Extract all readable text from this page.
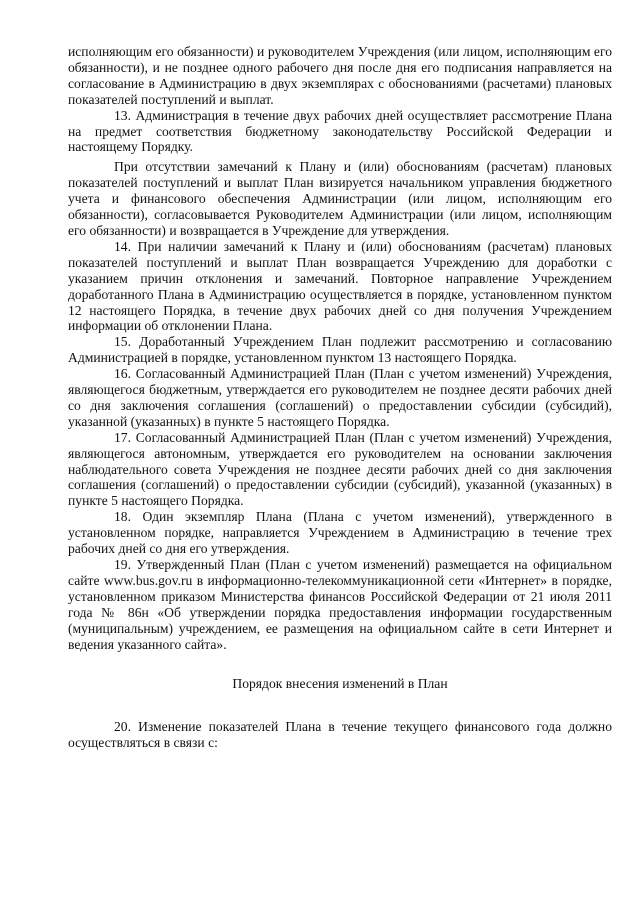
исполняющим его обязанности) и руководителем Учреждения (или лицом, исполняющим его обязанности), и не позднее одного рабочего дня после дня его подписания направляется на согласование в Администрацию в двух экземплярах с обоснованиями (расчетами) плановых показателей поступлений и выплат.

13. Администрация в течение двух рабочих дней осуществляет рассмотрение Плана на предмет соответствия бюджетному законодательству Российской Федерации и настоящему Порядку.

При отсутствии замечаний к Плану и (или) обоснованиям (расчетам) плановых показателей поступлений и выплат План визируется начальником управления бюджетного учета и финансового обеспечения Администрации (или лицом, исполняющим его обязанности), согласовывается Руководителем Администрации (или лицом, исполняющим его обязанности) и возвращается в Учреждение для утверждения.

14. При наличии замечаний к Плану и (или) обоснованиям (расчетам) плановых показателей поступлений и выплат План возвращается Учреждению для доработки с указанием причин отклонения и замечаний. Повторное направление Учреждением доработанного Плана в Администрацию осуществляется в порядке, установленном пунктом 12 настоящего Порядка, в течение двух рабочих дней со дня получения Учреждением информации об отклонении Плана.

15. Доработанный Учреждением План подлежит рассмотрению и согласованию Администрацией в порядке, установленном пунктом 13 настоящего Порядка.

16. Согласованный Администрацией План (План с учетом изменений) Учреждения, являющегося бюджетным, утверждается его руководителем не позднее десяти рабочих дней со дня заключения соглашения (соглашений) о предоставлении субсидии (субсидий), указанной (указанных) в пункте 5 настоящего Порядка.

17. Согласованный Администрацией План (План с учетом изменений) Учреждения, являющегося автономным, утверждается его руководителем на основании заключения наблюдательного совета Учреждения не позднее десяти рабочих дней со дня заключения соглашения (соглашений) о предоставлении субсидии (субсидий), указанной (указанных) в пункте 5 настоящего Порядка.

18. Один экземпляр Плана (Плана с учетом изменений), утвержденного в установленном порядке, направляется Учреждением в Администрацию в течение трех рабочих дней со дня его утверждения.

19. Утвержденный План (План с учетом изменений) размещается на официальном сайте www.bus.gov.ru в информационно-телекоммуникационной сети «Интернет» в порядке, установленном приказом Министерства финансов Российской Федерации от 21 июля 2011 года № 86н «Об утверждении порядка предоставления информации государственным (муниципальным) учреждением, ее размещения на официальном сайте в сети Интернет и ведения указанного сайта».

Порядок внесения изменений в План

20. Изменение показателей Плана в течение текущего финансового года должно осуществляться в связи с:
